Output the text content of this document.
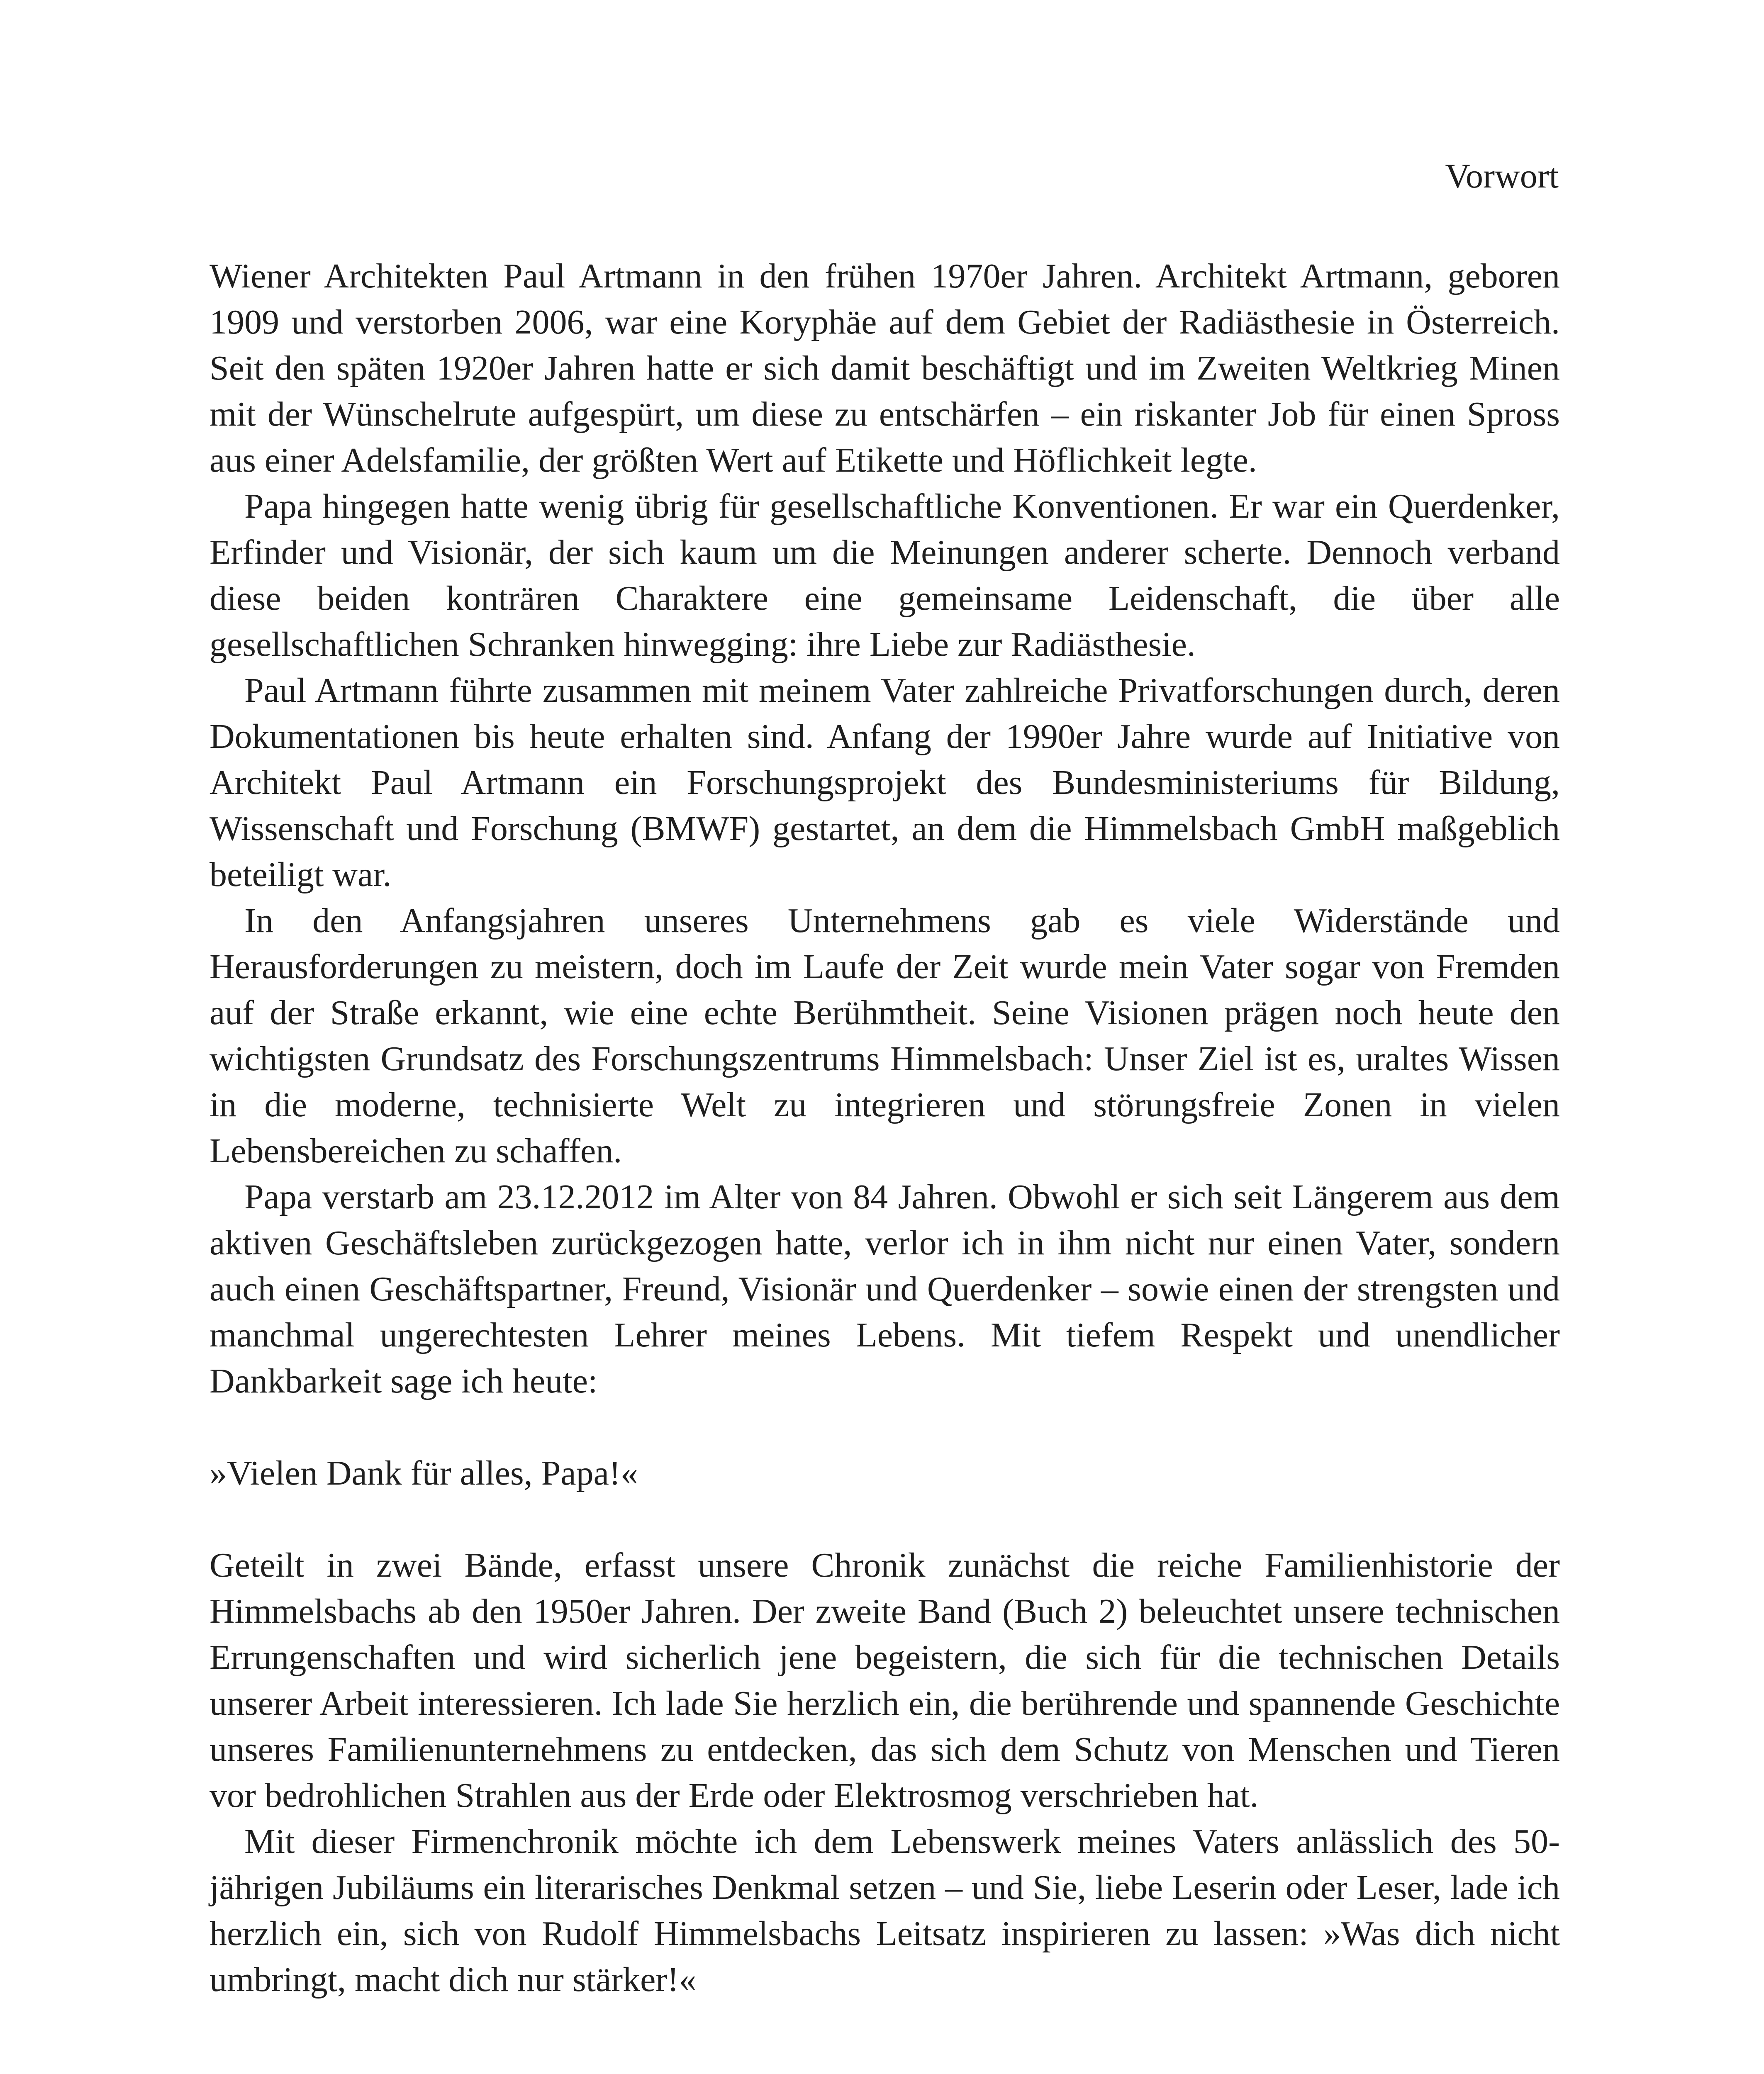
Vorwort

Wiener Architekten Paul Artmann in den frühen 1970er Jahren. Architekt Artmann, geboren 1909 und verstorben 2006, war eine Koryphäe auf dem Gebiet der Radiästhesie in Österreich. Seit den späten 1920er Jahren hatte er sich damit beschäftigt und im Zweiten Weltkrieg Minen mit der Wünschelrute aufgespürt, um diese zu entschärfen – ein riskanter Job für einen Spross aus einer Adelsfamilie, der größten Wert auf Etikette und Höflichkeit legte.

Papa hingegen hatte wenig übrig für gesellschaftliche Konventionen. Er war ein Querdenker, Erfinder und Visionär, der sich kaum um die Meinungen anderer scherte. Dennoch verband diese beiden konträren Charaktere eine gemeinsame Leidenschaft, die über alle gesellschaftlichen Schranken hinwegging: ihre Liebe zur Radiästhesie.

Paul Artmann führte zusammen mit meinem Vater zahlreiche Privatforschungen durch, deren Dokumentationen bis heute erhalten sind. Anfang der 1990er Jahre wurde auf Initiative von Architekt Paul Artmann ein Forschungsprojekt des Bundesministeriums für Bildung, Wissenschaft und Forschung (BMWF) gestartet, an dem die Himmelsbach GmbH maßgeblich beteiligt war.

In den Anfangsjahren unseres Unternehmens gab es viele Widerstände und Herausforderungen zu meistern, doch im Laufe der Zeit wurde mein Vater sogar von Fremden auf der Straße erkannt, wie eine echte Berühmtheit. Seine Visionen prägen noch heute den wichtigsten Grundsatz des Forschungszentrums Himmelsbach: Unser Ziel ist es, uraltes Wissen in die moderne, technisierte Welt zu integrieren und störungsfreie Zonen in vielen Lebensbereichen zu schaffen.

Papa verstarb am 23.12.2012 im Alter von 84 Jahren. Obwohl er sich seit Längerem aus dem aktiven Geschäftsleben zurückgezogen hatte, verlor ich in ihm nicht nur einen Vater, sondern auch einen Geschäftspartner, Freund, Visionär und Querdenker – sowie einen der strengsten und manchmal ungerechtesten Lehrer meines Lebens. Mit tiefem Respekt und unendlicher Dankbarkeit sage ich heute:

»Vielen Dank für alles, Papa!«

Geteilt in zwei Bände, erfasst unsere Chronik zunächst die reiche Familienhistorie der Himmelsbachs ab den 1950er Jahren. Der zweite Band (Buch 2) beleuchtet unsere technischen Errungenschaften und wird sicherlich jene begeistern, die sich für die technischen Details unserer Arbeit interessieren. Ich lade Sie herzlich ein, die berührende und spannende Geschichte unseres Familienunternehmens zu entdecken, das sich dem Schutz von Menschen und Tieren vor bedrohlichen Strahlen aus der Erde oder Elektrosmog verschrieben hat.

Mit dieser Firmenchronik möchte ich dem Lebenswerk meines Vaters anlässlich des 50-jährigen Jubiläums ein literarisches Denkmal setzen – und Sie, liebe Leserin oder Leser, lade ich herzlich ein, sich von Rudolf Himmelsbachs Leitsatz inspirieren zu lassen: »Was dich nicht umbringt, macht dich nur stärker!«
